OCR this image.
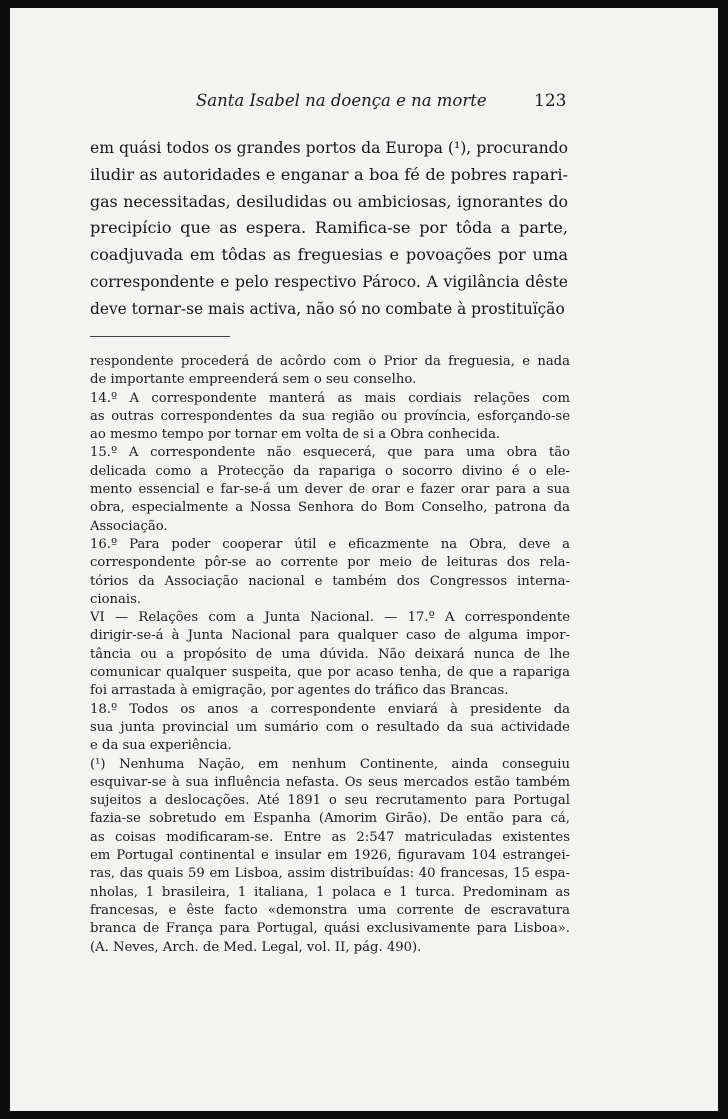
Santa Isabel na doença e na morte	123
em quási todos os grandes portos da Europa (¹), procurando
iludir as autoridades e enganar a boa fé de pobres rapari-
gas necessitadas, desiludidas ou ambiciosas, ignorantes do
precipício que as espera. Ramifica-se por tôda a parte,
coadjuvada em tôdas as freguesias e povoações por uma
correspondente e pelo respectivo Pároco. A vigilância dêste
deve tornar-se mais activa, não só no combate à prostituïção
respondente procederá de acôrdo com o Prior da freguesia, e nada
de importante empreenderá sem o seu conselho.
14.º A correspondente manterá as mais cordiais relações com
as outras correspondentes da sua região ou província, esforçando-se
ao mesmo tempo por tornar em volta de si a Obra conhecida.
15.º A correspondente não esquecerá, que para uma obra tão
delicada como a Protecção da rapariga o socorro divino é o ele-
mento essencial e far-se-á um dever de orar e fazer orar para a sua
obra, especialmente a Nossa Senhora do Bom Conselho, patrona da
Associação.
16.º Para poder cooperar útil e eficazmente na Obra, deve a
correspondente pôr-se ao corrente por meio de leituras dos rela-
tórios da Associação nacional e também dos Congressos interna-
cionais.
VI — Relações com a Junta Nacional. — 17.º A correspondente
dirigir-se-á à Junta Nacional para qualquer caso de alguma impor-
tância ou a propósito de uma dúvida. Não deixará nunca de lhe
comunicar qualquer suspeita, que por acaso tenha, de que a rapariga
foi arrastada à emigração, por agentes do tráfico das Brancas.
18.º Todos os anos a correspondente enviará à presidente da
sua junta provincial um sumário com o resultado da sua actividade
e da sua experiência.
(¹) Nenhuma Nação, em nenhum Continente, ainda conseguiu
esquivar-se à sua influência nefasta. Os seus mercados estão também
sujeitos a deslocações. Até 1891 o seu recrutamento para Portugal
fazia-se sobretudo em Espanha (Amorim Girão). De então para cá,
as coisas modificaram-se. Entre as 2:547 matriculadas existentes
em Portugal continental e insular em 1926, figuravam 104 estrangei-
ras, das quais 59 em Lisboa, assim distribuídas: 40 francesas, 15 espa-
nholas, 1 brasileira, 1 italiana, 1 polaca e 1 turca. Predominam as
francesas, e êste facto «demonstra uma corrente de escravatura
branca de França para Portugal, quási exclusivamente para Lisboa».
(A. Neves, Arch. de Med. Legal, vol. II, pág. 490).
